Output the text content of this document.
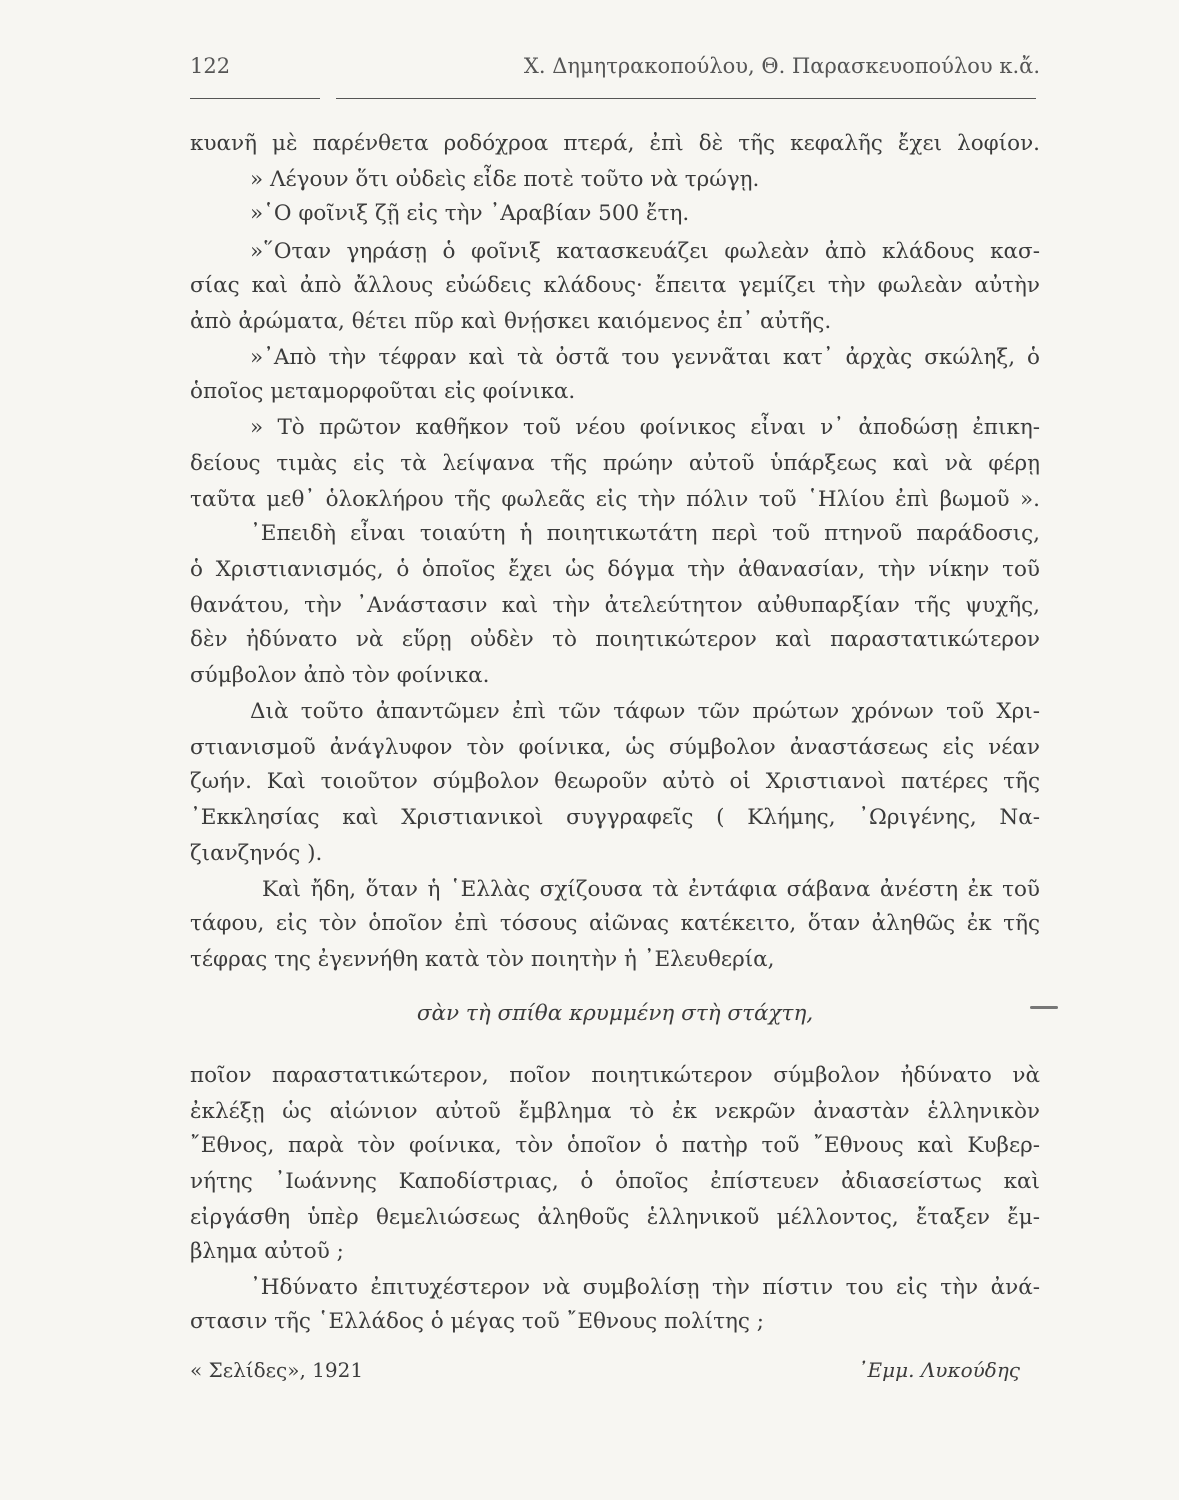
122	Χ. Δημητρακοπούλου, Θ. Παρασκευοπούλου κ.ἄ.
κυανῆ μὲ παρένθετα ροδόχροα πτερά, ἐπὶ δὲ τῆς κεφαλῆς ἔχει λοφίον.
» Λέγουν ὅτι οὐδεὶς εἶδε ποτὲ τοῦτο νὰ τρώγῃ.
»῾Ο φοῖνιξ ζῇ εἰς τὴν ᾿Αραβίαν 500 ἔτη.
»῞Οταν γηράσῃ ὁ φοῖνιξ κατασκευάζει φωλεὰν ἀπὸ κλάδους κασ-
σίας καὶ ἀπὸ ἄλλους εὐώδεις κλάδους· ἔπειτα γεμίζει τὴν φωλεὰν αὐτὴν
ἀπὸ ἀρώματα, θέτει πῦρ καὶ θνῄσκει καιόμενος ἐπ᾿ αὐτῆς.
»᾿Απὸ τὴν τέφραν καὶ τὰ ὀστᾶ του γεννᾶται κατ᾿ ἀρχὰς σκώληξ, ὁ
ὁποῖος μεταμορφοῦται εἰς φοίνικα.
» Τὸ πρῶτον καθῆκον τοῦ νέου φοίνικος εἶναι ν᾿ ἀποδώσῃ ἐπικη-
δείους τιμὰς εἰς τὰ λείψανα τῆς πρώην αὐτοῦ ὑπάρξεως καὶ νὰ φέρῃ
ταῦτα μεθ᾿ ὁλοκλήρου τῆς φωλεᾶς εἰς τὴν πόλιν τοῦ ῾Ηλίου ἐπὶ βωμοῦ ».
᾿Επειδὴ εἶναι τοιαύτη ἡ ποιητικωτάτη περὶ τοῦ πτηνοῦ παράδοσις,
ὁ Χριστιανισμός, ὁ ὁποῖος ἔχει ὡς δόγμα τὴν ἀθανασίαν, τὴν νίκην τοῦ
θανάτου, τὴν ᾿Ανάστασιν καὶ τὴν ἀτελεύτητον αὐθυπαρξίαν τῆς ψυχῆς,
δὲν ἠδύνατο νὰ εὕρῃ οὐδὲν τὸ ποιητικώτερον καὶ παραστατικώτερον
σύμβολον ἀπὸ τὸν φοίνικα.
Διὰ τοῦτο ἀπαντῶμεν ἐπὶ τῶν τάφων τῶν πρώτων χρόνων τοῦ Χρι-
στιανισμοῦ ἀνάγλυφον τὸν φοίνικα, ὡς σύμβολον ἀναστάσεως εἰς νέαν
ζωήν. Καὶ τοιοῦτον σύμβολον θεωροῦν αὐτὸ οἱ Χριστιανοὶ πατέρες τῆς
᾿Εκκλησίας καὶ Χριστιανικοὶ συγγραφεῖς ( Κλήμης, ᾿Ωριγένης, Να-
ζιανζηνός ).
Καὶ ἤδη, ὅταν ἡ ῾Ελλὰς σχίζουσα τὰ ἐντάφια σάβανα ἀνέστη ἐκ τοῦ
τάφου, εἰς τὸν ὁποῖον ἐπὶ τόσους αἰῶνας κατέκειτο, ὅταν ἀληθῶς ἐκ τῆς
τέφρας της ἐγεννήθη κατὰ τὸν ποιητὴν ἡ ᾿Ελευθερία,
σὰν τὴ σπίθα κρυμμένη στὴ στάχτη,
ποῖον παραστατικώτερον, ποῖον ποιητικώτερον σύμβολον ἠδύνατο νὰ
ἐκλέξῃ ὡς αἰώνιον αὐτοῦ ἔμβλημα τὸ ἐκ νεκρῶν ἀναστὰν ἑλληνικὸν
῎Εθνος, παρὰ τὸν φοίνικα, τὸν ὁποῖον ὁ πατὴρ τοῦ ῎Εθνους καὶ Κυβερ-
νήτης ᾿Ιωάννης Καποδίστριας, ὁ ὁποῖος ἐπίστευεν ἀδιασείστως καὶ
εἰργάσθη ὑπὲρ θεμελιώσεως ἀληθοῦς ἑλληνικοῦ μέλλοντος, ἔταξεν ἔμ-
βλημα αὐτοῦ ;
᾿Ηδύνατο ἐπιτυχέστερον νὰ συμβολίσῃ τὴν πίστιν του εἰς τὴν ἀνά-
στασιν τῆς ῾Ελλάδος ὁ μέγας τοῦ ῎Εθνους πολίτης ;
« Σελίδες», 1921	᾿Εμμ. Λυκούδης
